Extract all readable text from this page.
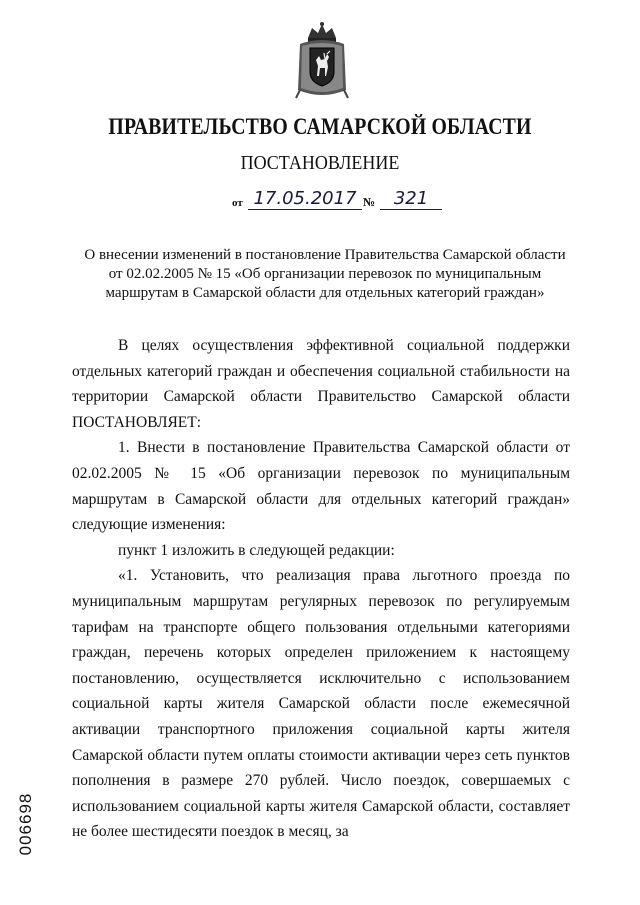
ПРАВИТЕЛЬСТВО САМАРСКОЙ ОБЛАСТИ
ПОСТАНОВЛЕНИЕ
от 17.05.2017 №	321
О внесении изменений в постановление Правительства Самарской области
от 02.02.2005 № 15 «Об организации перевозок по муниципальным
маршрутам в Самарской области для отдельных категорий граждан»

В целях осуществления эффективной социальной поддержки отдельных категорий граждан и обеспечения социальной стабильности на территории Самарской области Правительство Самарской области ПОСТАНОВЛЯЕТ:

1. Внести в постановление Правительства Самарской области от 02.02.2005 № 15 «Об организации перевозок по муниципальным маршрутам в Самарской области для отдельных категорий граждан» следующие изменения:

пункт 1 изложить в следующей редакции:

«1. Установить, что реализация права льготного проезда по муниципальным маршрутам регулярных перевозок по регулируемым тарифам на транспорте общего пользования отдельными категориями граждан, перечень которых определен приложением к настоящему постановлению, осуществляется исключительно с использованием социальной карты жителя Самарской области после ежемесячной активации транспортного приложения социальной карты жителя Самарской области путем оплаты стоимости активации через сеть пунктов пополнения в размере 270 рублей. Число поездок, совершаемых с использованием социальной карты жителя Самарской области, составляет не более шестидесяти поездок в месяц, за

006698
